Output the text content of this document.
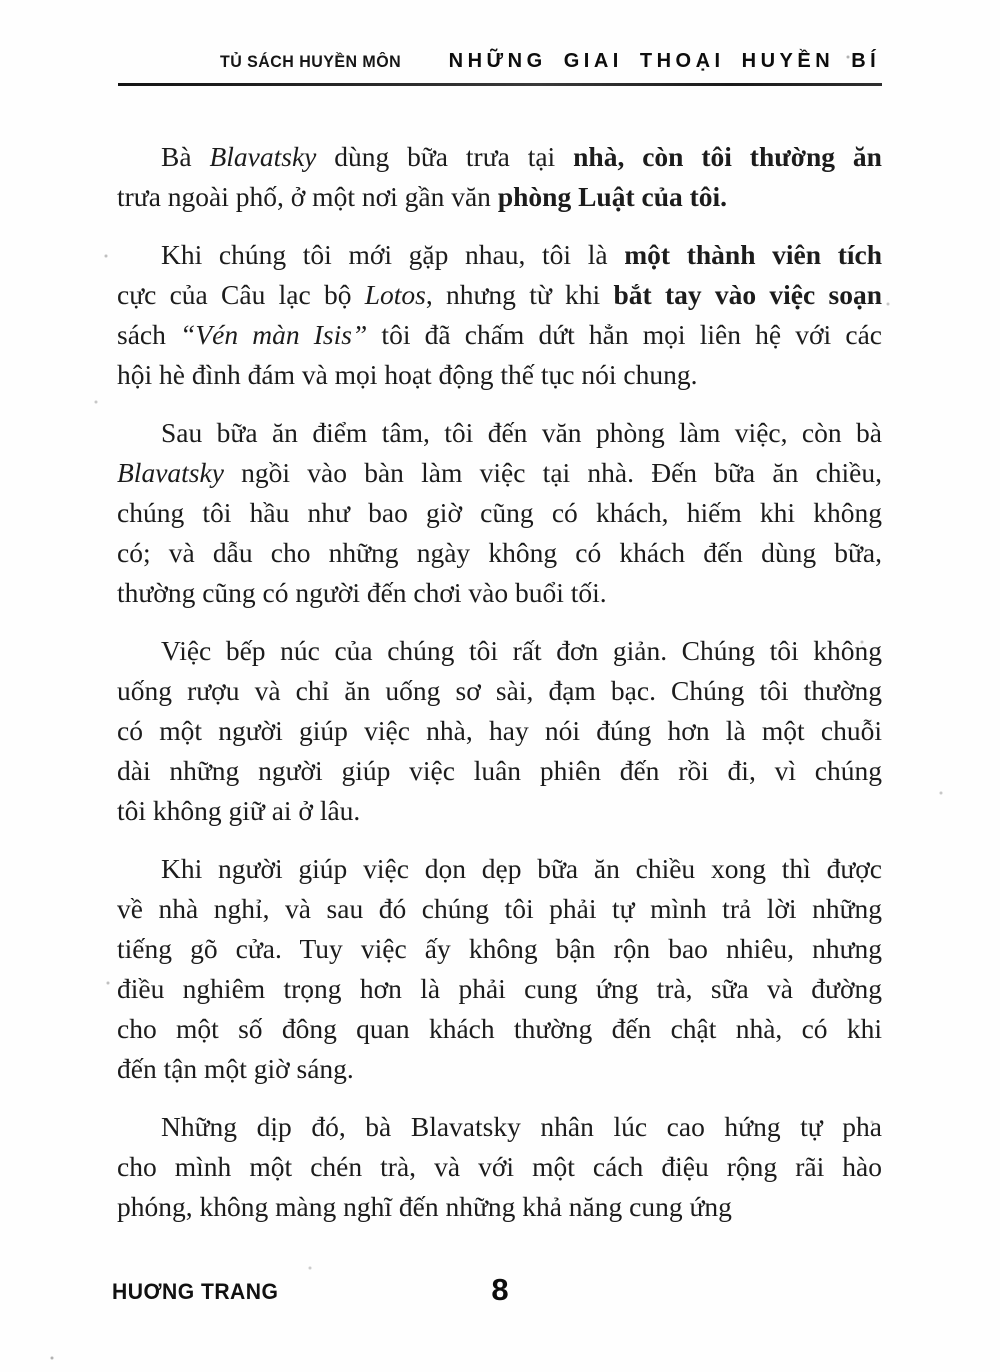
TỦ SÁCH HUYỀN MÔN NHỮNG GIAI THOẠI HUYỀN BÍ
Bà Blavatsky dùng bữa trưa tại nhà, còn tôi thường ăn
trưa ngoài phố, ở một nơi gần văn phòng Luật của tôi.
Khi chúng tôi mới gặp nhau, tôi là một thành viên tích
cực của Câu lạc bộ Lotos, nhưng từ khi bắt tay vào việc soạn
sách “Vén màn Isis” tôi đã chấm dứt hẳn mọi liên hệ với các
hội hè đình đám và mọi hoạt động thế tục nói chung.
Sau bữa ăn điểm tâm, tôi đến văn phòng làm việc, còn bà
Blavatsky ngồi vào bàn làm việc tại nhà. Đến bữa ăn chiều,
chúng tôi hầu như bao giờ cũng có khách, hiếm khi không
có; và dẫu cho những ngày không có khách đến dùng bữa,
thường cũng có người đến chơi vào buổi tối.
Việc bếp núc của chúng tôi rất đơn giản. Chúng tôi không
uống rượu và chỉ ăn uống sơ sài, đạm bạc. Chúng tôi thường
có một người giúp việc nhà, hay nói đúng hơn là một chuỗi
dài những người giúp việc luân phiên đến rồi đi, vì chúng
tôi không giữ ai ở lâu.
Khi người giúp việc dọn dẹp bữa ăn chiều xong thì được
về nhà nghỉ, và sau đó chúng tôi phải tự mình trả lời những
tiếng gõ cửa. Tuy việc ấy không bận rộn bao nhiêu, nhưng
điều nghiêm trọng hơn là phải cung ứng trà, sữa và đường
cho một số đông quan khách thường đến chật nhà, có khi
đến tận một giờ sáng.
Những dịp đó, bà Blavatsky nhân lúc cao hứng tự pha
cho mình một chén trà, và với một cách điệu rộng rãi hào
phóng, không màng nghĩ đến những khả năng cung ứng
HUƠNG TRANG	8
